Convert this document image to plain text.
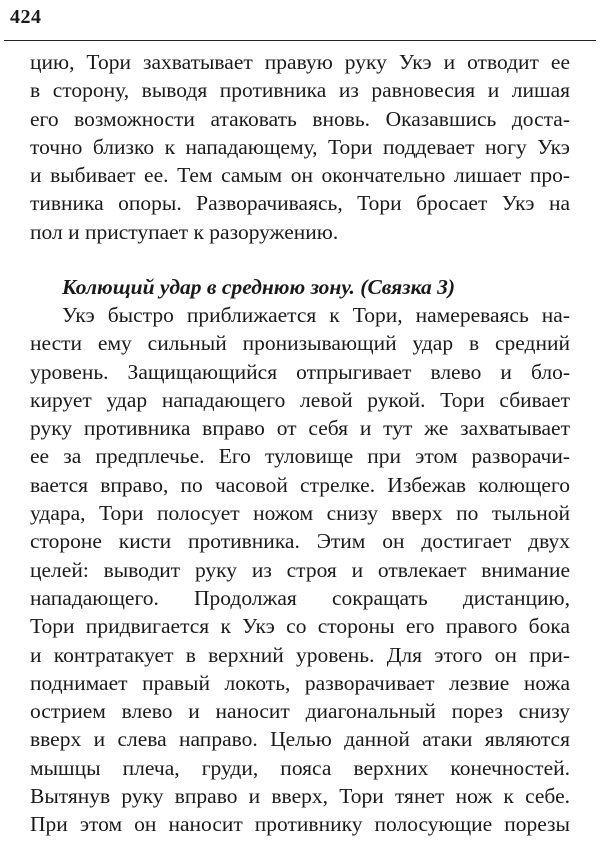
424
цию, Тори захватывает правую руку Укэ и отводит ее
в сторону, выводя противника из равновесия и лишая
его возможности атаковать вновь. Оказавшись доста-
точно близко к нападающему, Тори поддевает ногу Укэ
и выбивает ее. Тем самым он окончательно лишает про-
тивника опоры. Разворачиваясь, Тори бросает Укэ на
пол и приступает к разоружению.
Колющий удар в среднюю зону. (Связка 3)
Укэ быстро приближается к Тори, намереваясь на-
нести ему сильный пронизывающий удар в средний
уровень. Защищающийся отпрыгивает влево и бло-
кирует удар нападающего левой рукой. Тори сбивает
руку противника вправо от себя и тут же захватывает
ее за предплечье. Его туловище при этом разворачи-
вается вправо, по часовой стрелке. Избежав колющего
удара, Тори полосует ножом снизу вверх по тыльной
стороне кисти противника. Этим он достигает двух
целей: выводит руку из строя и отвлекает внимание
нападающего. Продолжая сокращать дистанцию,
Тори придвигается к Укэ со стороны его правого бока
и контратакует в верхний уровень. Для этого он при-
поднимает правый локоть, разворачивает лезвие ножа
острием влево и наносит диагональный порез снизу
вверх и слева направо. Целью данной атаки являются
мышцы плеча, груди, пояса верхних конечностей.
Вытянув руку вправо и вверх, Тори тянет нож к себе.
При этом он наносит противнику полосующие порезы
